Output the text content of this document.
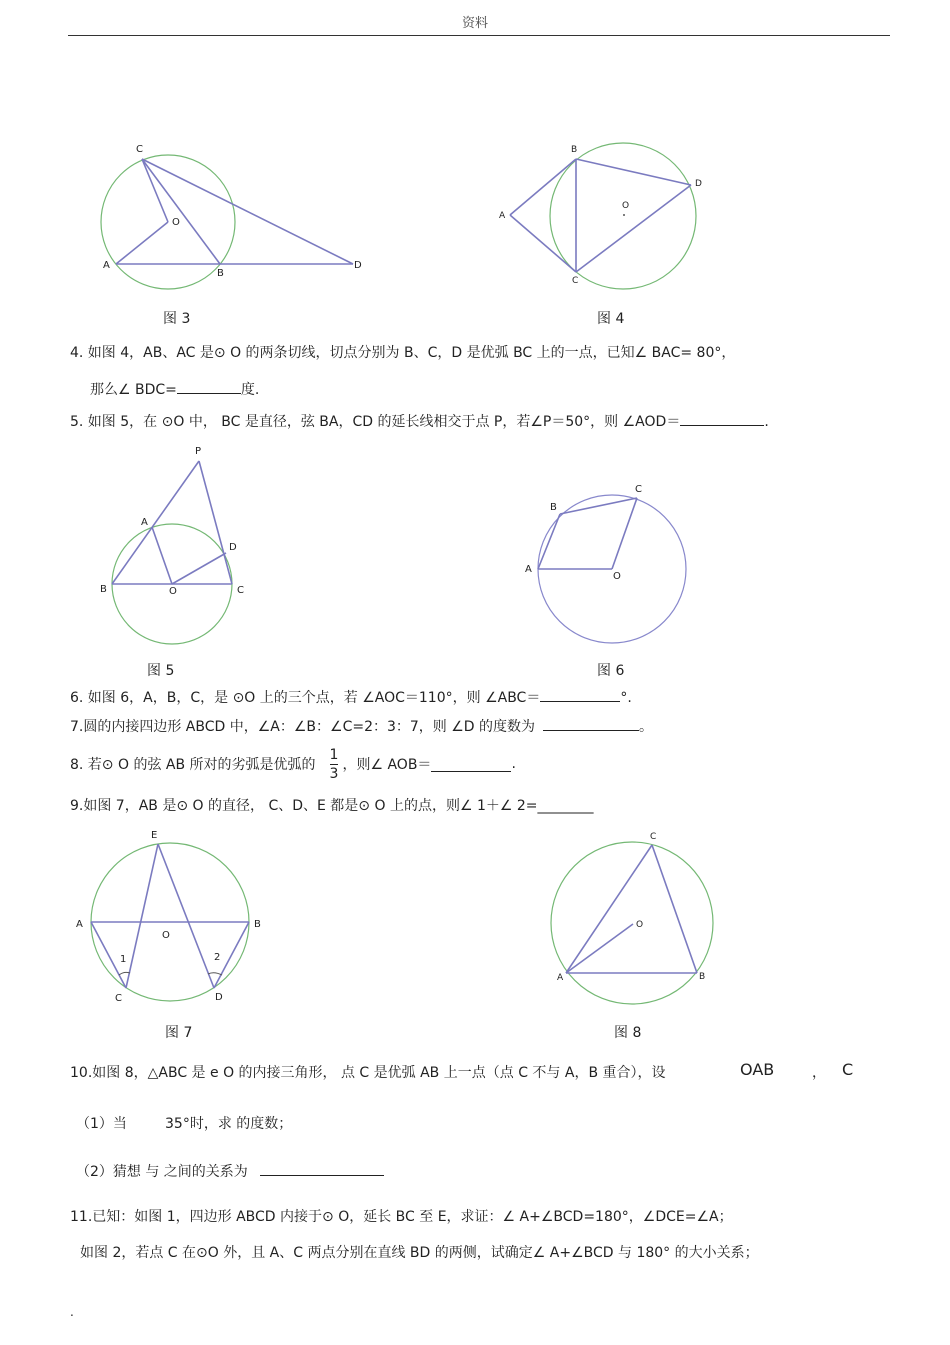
资料
C
O
A
B
D
图 3
B
D
O
A
C
图 4
4. 如图 4，AB、AC 是⊙ O 的两条切线，切点分别为 B、C，D 是优弧 BC 上的一点，已知∠ BAC= 80°，
那么∠ BDC=	度.
5. 如图 5，在 ⊙O 中， BC 是直径，弦 BA，CD 的延长线相交于点 P，若∠P＝50°，则 ∠AOD＝	.
P
A
D
B	O	C
图 5
C
B
A
O
图 6
6. 如图 6，A，B，C，是 ⊙O 上的三个点，若 ∠AOC＝110°，则 ∠ABC＝	°.
7.圆的内接四边形 ABCD 中，∠A：∠B：∠C=2：3：7，则 ∠D 的度数为	。
8. 若⊙ O 的弦 AB 所对的劣弧是优弧的 $\frac{1}{3}$ ，则∠ AOB＝	.
9.如图 7，AB 是⊙ O 的直径， C、D、E 都是⊙ O 上的点，则∠ 1＋∠ 2=________
E
A	B
O
1	2
C	D
图 7
C
O
A	B
图 8
10.如图 8，△ABC 是 e O 的内接三角形， 点 C 是优弧 AB 上一点（点 C 不与 A，B 重合），设	OAB	， C
（1）当	35°时，求 的度数；
（2）猜想 与 之间的关系为
11.已知：如图 1，四边形 ABCD 内接于⊙ O，延长 BC 至 E，求证：∠ A+∠BCD=180°，∠DCE=∠A；
如图 2，若点 C 在⊙O 外，且 A、C 两点分别在直线 BD 的两侧，试确定∠ A+∠BCD 与 180° 的大小关系；
.
